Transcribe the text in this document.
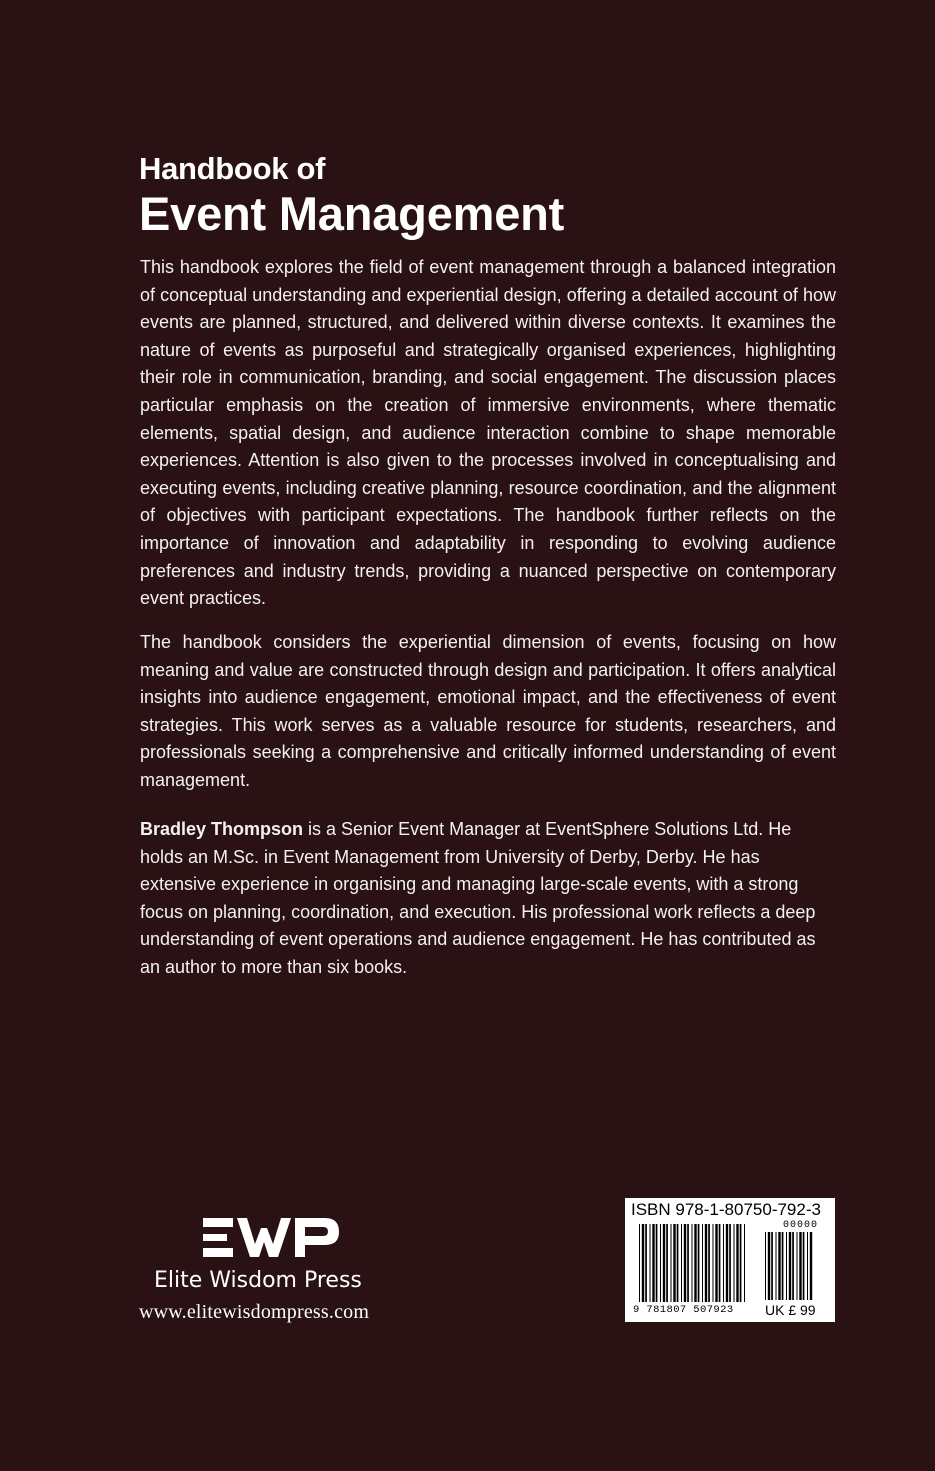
Handbook of
Event Management
This handbook explores the field of event management through a balanced integration of conceptual understanding and experiential design, offering a detailed account of how events are planned, structured, and delivered within diverse contexts. It examines the nature of events as purposeful and strategically organised experiences, highlighting their role in communication, branding, and social engagement. The discussion places particular emphasis on the creation of immersive environments, where thematic elements, spatial design, and audience interaction combine to shape memorable experiences. Attention is also given to the processes involved in conceptualising and executing events, including creative planning, resource coordination, and the alignment of objectives with participant expectations. The handbook further reflects on the importance of innovation and adaptability in responding to evolving audience preferences and industry trends, providing a nuanced perspective on contemporary event practices.
The handbook considers the experiential dimension of events, focusing on how meaning and value are constructed through design and participation. It offers analytical insights into audience engagement, emotional impact, and the effectiveness of event strategies. This work serves as a valuable resource for students, researchers, and professionals seeking a comprehensive and critically informed understanding of event management.
Bradley Thompson is a Senior Event Manager at EventSphere Solutions Ltd. He holds an M.Sc. in Event Management from University of Derby, Derby. He has extensive experience in organising and managing large-scale events, with a strong focus on planning, coordination, and execution. His professional work reflects a deep understanding of event operations and audience engagement. He has contributed as an author to more than six books.
Elite Wisdom Press
www.elitewisdompress.com
ISBN 978-1-80750-792-3
00000
9 781807 507923 UK £ 99
